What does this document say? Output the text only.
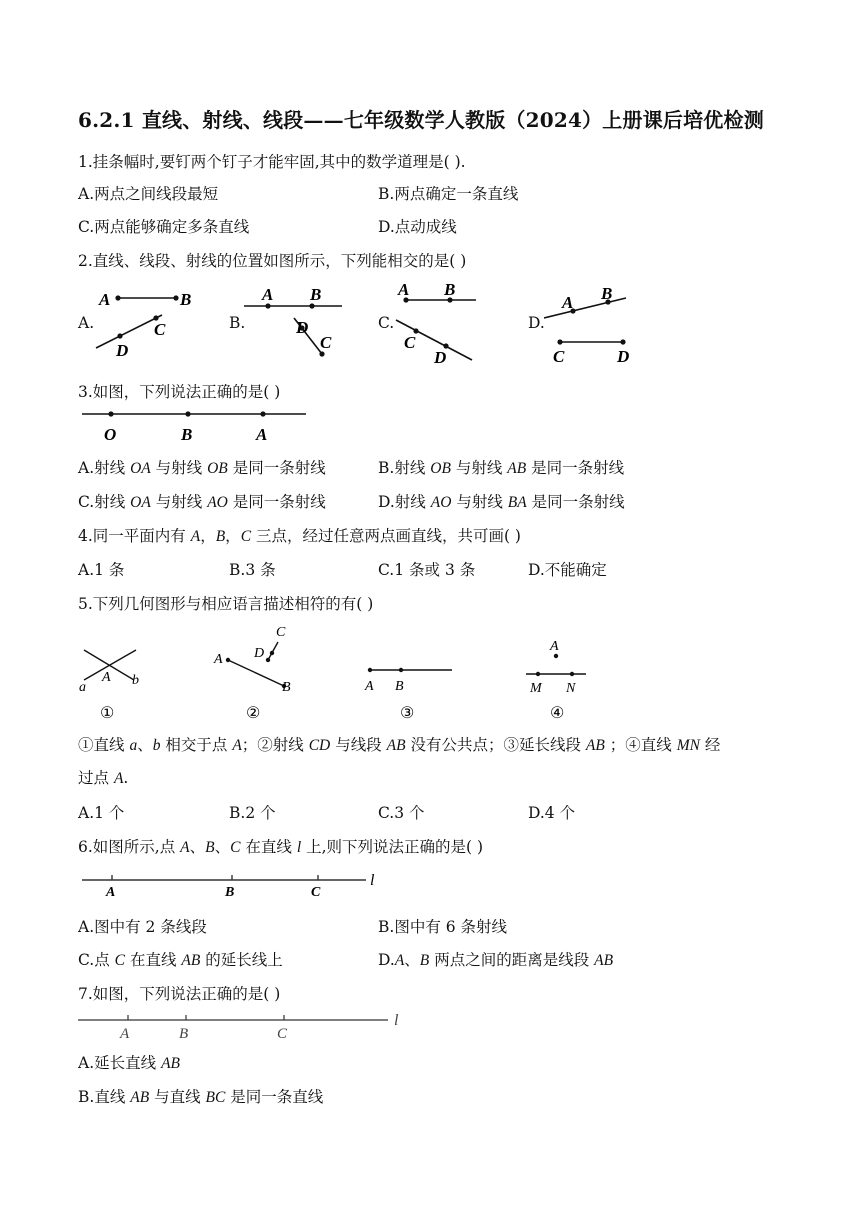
6.2.1 直线、射线、线段——七年级数学人教版（2024）上册课后培优检测
1.挂条幅时,要钉两个钉子才能牢固,其中的数学道理是( ).
A.两点之间线段最短	B.两点确定一条直线
C.两点能够确定多条直线	D.点动成线
2.直线、线段、射线的位置如图所示，下列能相交的是( )
A.	B.	C.	D.
A	B
C
D
A B
D
C
A B
C
D
A B
C	D
3.如图，下列说法正确的是( )
O	B	A
A.射线 OA 与射线 OB 是同一条射线	B.射线 OB 与射线 AB 是同一条射线
C.射线 OA 与射线 AO 是同一条射线	D.射线 AO 与射线 BA 是同一条射线
4.同一平面内有 A，B，C 三点，经过任意两点画直线，共可画( )
A.1 条	B.3 条	C.1 条或 3 条	D.不能确定
5.下列几何图形与相应语言描述相符的有( )
A
a	b
①
A D
C
B
②
A B
③
A
M N
④
①直线 a、b 相交于点 A；②射线 CD 与线段 AB 没有公共点；③延长线段 AB ；④直线 MN 经
过点 A.
A.1 个	B.2 个	C.3 个	D.4 个
6.如图所示,点 A、B、C 在直线 l 上,则下列说法正确的是( )
A	B	C
l
A.图中有 2 条线段	B.图中有 6 条射线
C.点 C 在直线 AB 的延长线上	D.A、B 两点之间的距离是线段 AB
7.如图，下列说法正确的是( )
A	B	C
l
A.延长直线 AB
B.直线 AB 与直线 BC 是同一条直线
